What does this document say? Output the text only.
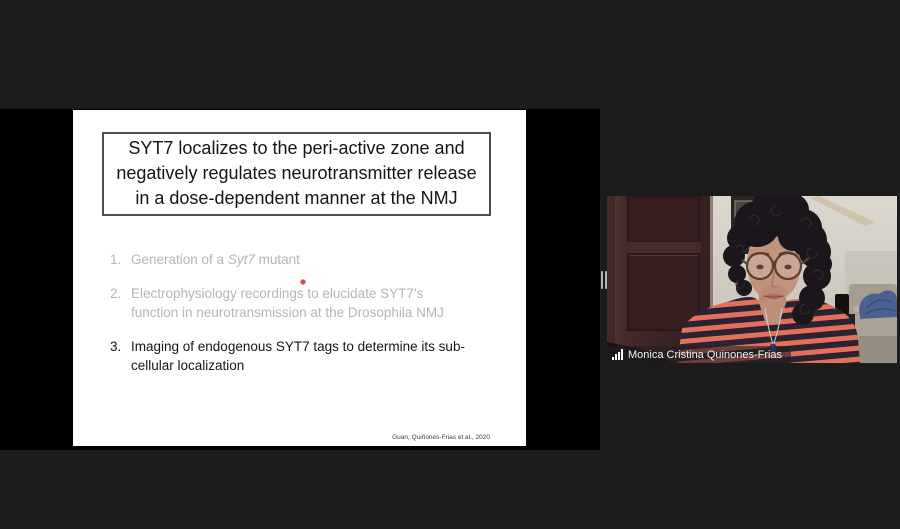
SYT7 localizes to the peri-active zone and
negatively regulates neurotransmitter release
in a dose-dependent manner at the NMJ
1. Generation of a Syt7 mutant
2. Electrophysiology recordings to elucidate SYT7’s
function in neurotransmission at the Drosophila NMJ
3. Imaging of endogenous SYT7 tags to determine its sub-
cellular localization
Guan, Quiñones-Frias et al., 2020
Monica Cristina Quinones-Frias
